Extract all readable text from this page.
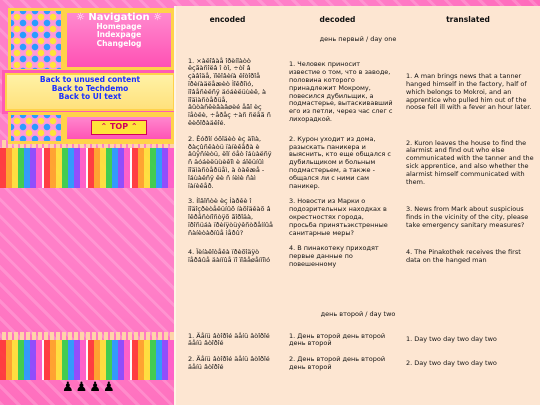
☼ Navigation ☼
Homepage
Indexpage
Changelog
Back to unused content
Back to Techdemo
Back to UI text
⌃ TOP ⌃
♟♟♟♟
encoded	decoded	translated
день первый / day one		
1. ×àëîâàå îðèíîàòò ëçãàñîëâ î òî, ÷òî â çàâîäå, ïîëîâèíà êîòîðîå ïðèíàäëåæèò Ìîêðîìó, ïîâåñèëñÿ äóáèëüùèê, à ïîäìàñòåðüå, âûòàñêèâàâøèé åãî èç ïåòëè, ÷åðåç ÷àñ ñëåã ñ ëèõîðàäêîé.	1. Человек приносит известие о том, что в заводе, половина которого принадлежит Мокрому, повесился дубильщик, а подмастерье, вытаскивавший его из петли, через час слег с лихорадкой.	1. A man brings news that a tanner hanged himself in the factory, half of which belongs to Mokroi, and an apprentice who pulled him out of the noose fell ill with a fever an hour later.
2. Êóðîí óõîäèò èç äîìà, ðàçûñêàòü ïàíèêåðà è âûÿñíèòü, ëîí óåò îáùàëñÿ ñ äóáèëüùèêîì è áîëüíûì ïîäìàñòåðüåì, à òàêæå - îáùàëñÿ ëè ñ íèìè ñàì ïàíèêåð.	2. Курон уходит из дома, разыскать паникера и выяснить, кто еще общался с дубильщиком и больным подмастерьем, а также - общался ли с ними сам паникер.	2. Kuron leaves the house to find the alarmist and find out who else communicated with the tanner and the sick apprentice, and also whether the alarmist himself communicated with them.
3. Íîâîñòè èç Ìàðêè î ïîäîçðèòåëüíûõ íàõîäêàõ â îêðåñòíîñòÿõ ãîðîäà, ïðîñüáà ïðèíÿòüýêñòðåííûå ñàíèòàðíûå ìåðû?	3. Новости из Марки о подозрительных находках в окрестностях города, просьба принятьэкстренные санитарные меры?	3. News from Mark about suspicious finds in the vicinity of the city, please take emergency sanitary measures?
4. Ïèíàêîòåêà ïðèõîäÿò ïåðâûå äàííûå ïî ïîâåøåííîìó	4. В пинакотеку приходят первые данные по повешенному	4. The Pinakothek receives the first data on the hanged man

день второй / day two		
1. Äåíü âòîðîé äåíü âòîðîé äåíü âòîðîé	1. День второй день второй день второй	1. Day two day two day two
2. Äåíü âòîðîé äåíü âòîðîé äåíü âòîðîé	2. День второй день второй день второй	2. Day two day two day two
